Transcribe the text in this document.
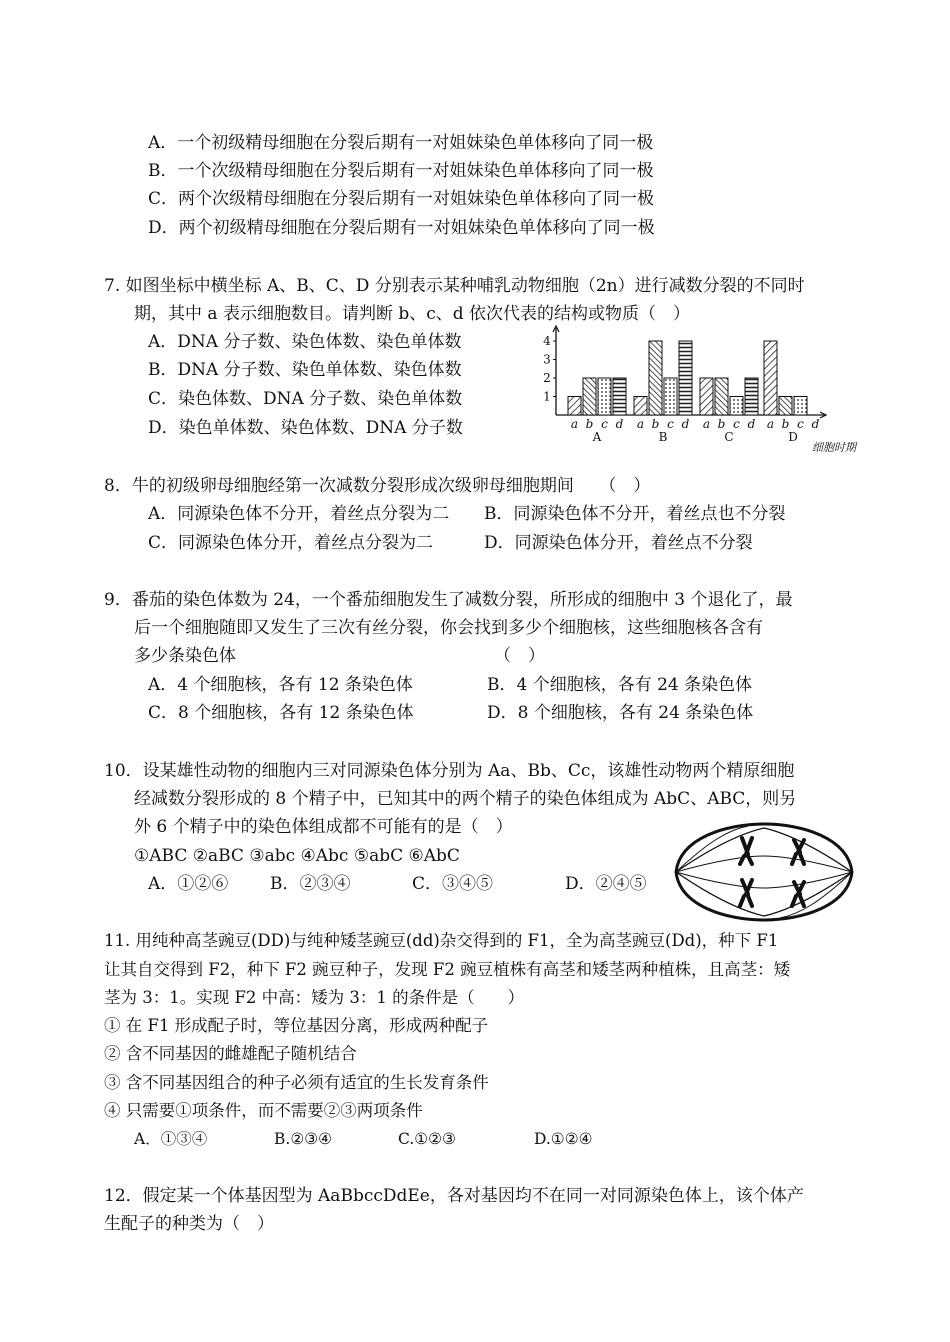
A．一个初级精母细胞在分裂后期有一对姐妹染色单体移向了同一极
B．一个次级精母细胞在分裂后期有一对姐妹染色单体移向了同一极
C．两个次级精母细胞在分裂后期有一对姐妹染色单体移向了同一极
D．两个初级精母细胞在分裂后期有一对姐妹染色单体移向了同一极
7. 如图坐标中横坐标 A、B、C、D 分别表示某种哺乳动物细胞（2n）进行减数分裂的不同时
期，其中 a 表示细胞数目。请判断 b、c、d 依次代表的结构或物质（　）
A．DNA 分子数、染色体数、染色单体数
B．DNA 分子数、染色单体数、染色体数
C．染色体数、DNA 分子数、染色单体数
D．染色单体数、染色体数、DNA 分子数
1
2
3
4
a b c d
A
a b c d
B
a b c d
C
a b c d
D
细胞时期
8．牛的初级卵母细胞经第一次减数分裂形成次级卵母细胞期间　　（　）
A．同源染色体不分开，着丝点分裂为二 B．同源染色体不分开，着丝点也不分裂
C．同源染色体分开，着丝点分裂为二	D．同源染色体分开，着丝点不分裂
9．番茄的染色体数为 24，一个番茄细胞发生了减数分裂，所形成的细胞中 3 个退化了，最
后一个细胞随即又发生了三次有丝分裂，你会找到多少个细胞核，这些细胞核各含有
多少条染色体	（　）
A．4 个细胞核，各有 12 条染色体	B．4 个细胞核，各有 24 条染色体
C．8 个细胞核，各有 12 条染色体	D．8 个细胞核，各有 24 条染色体
10．设某雄性动物的细胞内三对同源染色体分别为 Aa、Bb、Cc，该雄性动物两个精原细胞
经减数分裂形成的 8 个精子中，已知其中的两个精子的染色体组成为 AbC、ABC，则另
外 6 个精子中的染色体组成都不可能有的是（　）
①ABC ②aBC ③abc ④Abc ⑤abC ⑥AbC
A．①②⑥ B．②③④	C．③④⑤	D．②④⑤
11. 用纯种高茎豌豆(DD)与纯种矮茎豌豆(dd)杂交得到的 F1，全为高茎豌豆(Dd)，种下 F1
让其自交得到 F2，种下 F2 豌豆种子，发现 F2 豌豆植株有高茎和矮茎两种植株，且高茎：矮
茎为 3：1。实现 F2 中高：矮为 3：1 的条件是（　　）
① 在 F1 形成配子时，等位基因分离，形成两种配子
② 含不同基因的雌雄配子随机结合
③ 含不同基因组合的种子必须有适宜的生长发育条件
④ 只需要①项条件，而不需要②③两项条件
A．①③④	B.②③④	C.①②③	D.①②④
12．假定某一个体基因型为 AaBbccDdEe，各对基因均不在同一对同源染色体上，该个体产
生配子的种类为（　）
